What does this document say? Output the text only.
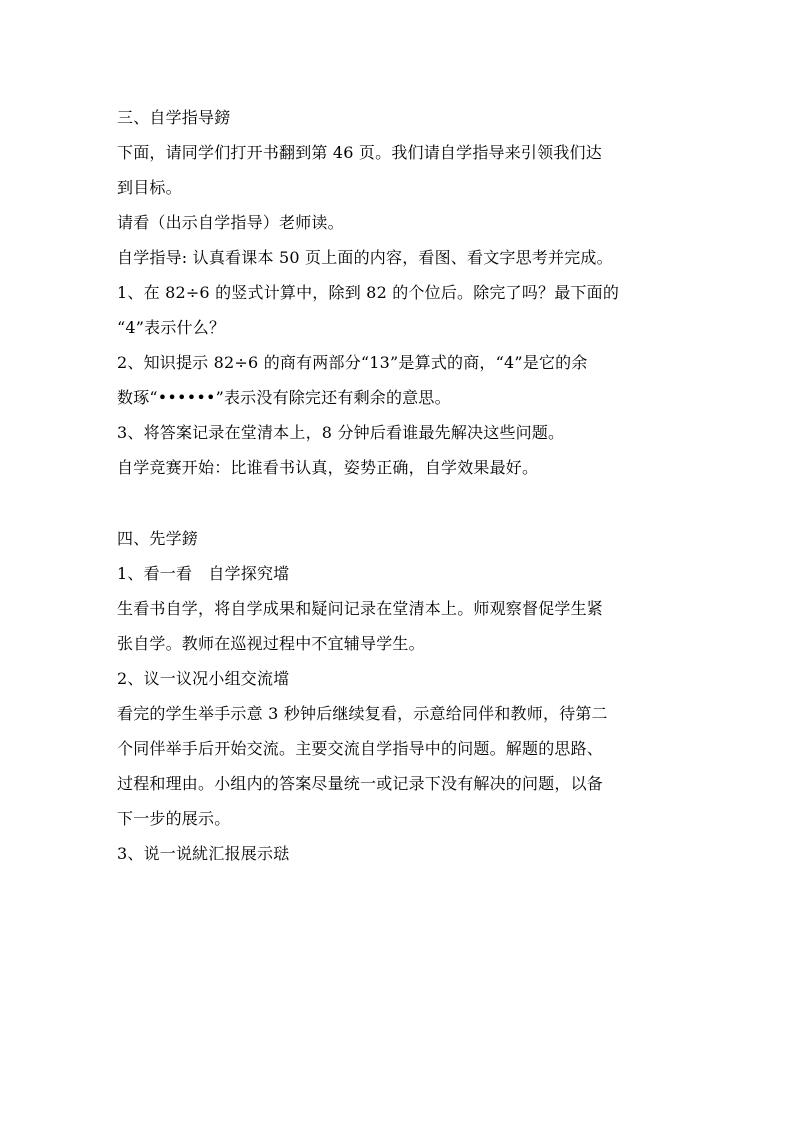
三、自学指导鎊
下面，请同学们打开书翻到第 46 页。我们请自学指导来引领我们达
到目标。
请看（出示自学指导）老师读。
自学指导: 认真看课本 50 页上面的内容，看图、看文字思考并完成。
1、在 82÷6 的竖式计算中，除到 82 的个位后。除完了吗？最下面的
“4”表示什么？
2、知识提示 82÷6 的商有两部分“13”是算式的商，“4”是它的余
数琢“••••••”表示没有除完还有剩余的意思。
3、将答案记录在堂清本上，8 分钟后看谁最先解决这些问题。
自学竞赛开始：比谁看书认真，姿势正确，自学效果最好。
四、先学鎊
1、看一看　自学探究壋
生看书自学，将自学成果和疑问记录在堂清本上。师观察督促学生紧
张自学。教师在巡视过程中不宜辅导学生。
2、议一议况小组交流壋
看完的学生举手示意 3 秒钟后继续复看，示意给同伴和教师，待第二
个同伴举手后开始交流。主要交流自学指导中的问题。解题的思路、
过程和理由。小组内的答案尽量统一或记录下没有解决的问题，以备
下一步的展示。
3、说一说紌汇报展示琺
